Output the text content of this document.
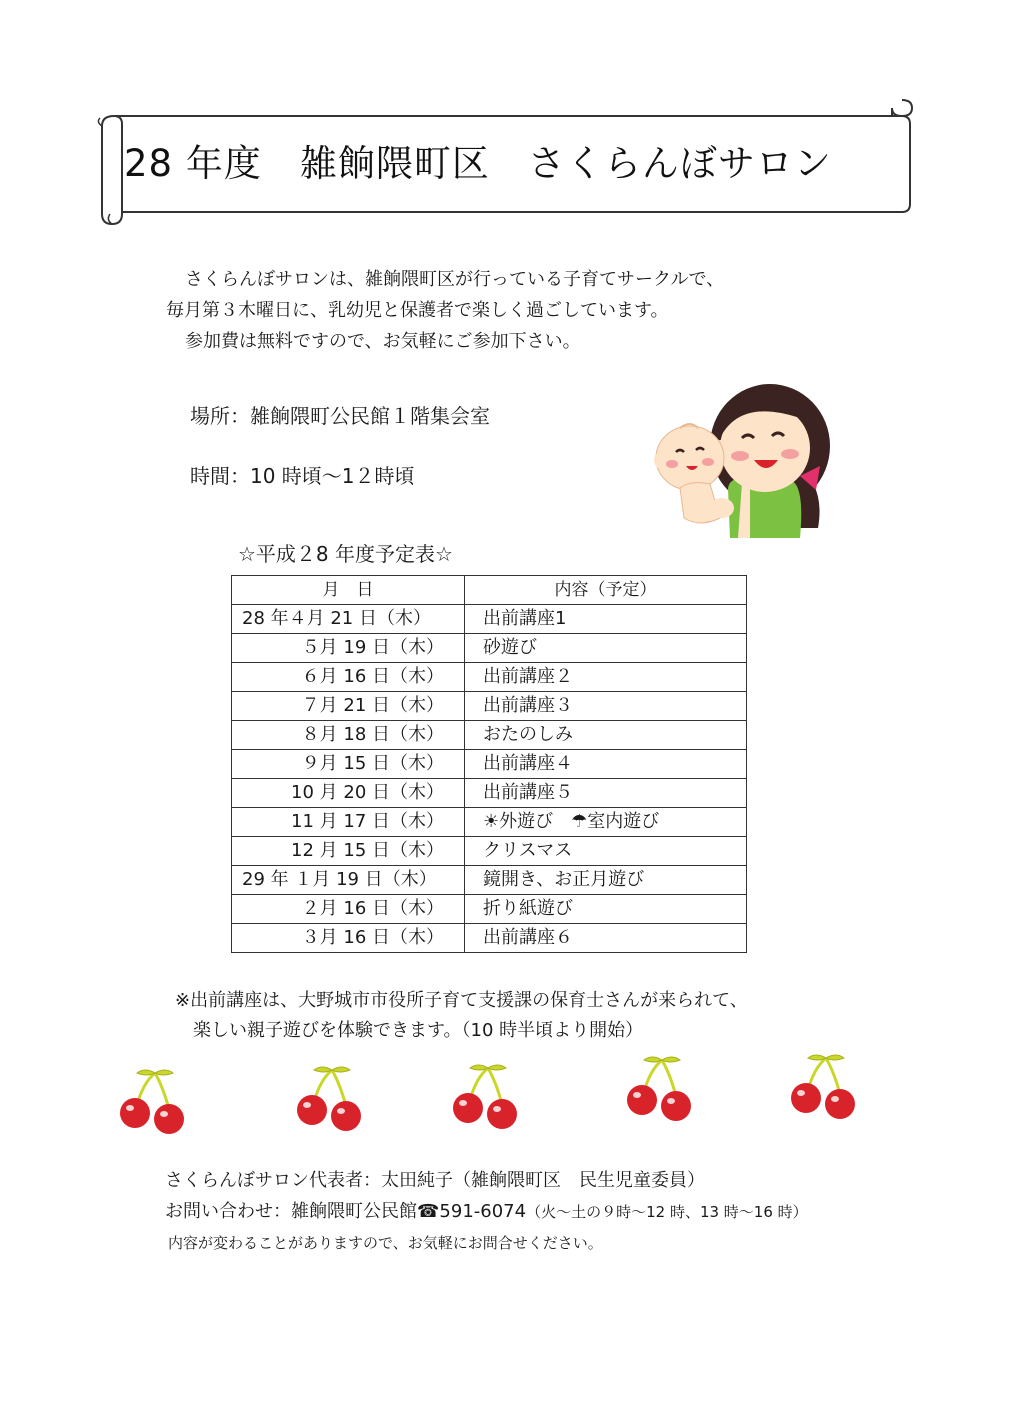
28 年度　雑餉隈町区　さくらんぼサロン
さくらんぼサロンは、雑餉隈町区が行っている子育てサークルで、
毎月第３木曜日に、乳幼児と保護者で楽しく過ごしています。
参加費は無料ですので、お気軽にご参加下さい。
場所：雑餉隈町公民館１階集会室
時間：10 時頃～1２時頃
☆平成２8 年度予定表☆
月　日	内容（予定）
28 年４月 21 日（木）	出前講座1
５月 19 日（木）	砂遊び
６月 16 日（木）	出前講座２
７月 21 日（木）	出前講座３
８月 18 日（木）	おたのしみ
９月 15 日（木）	出前講座４
10 月 20 日（木）	出前講座５
11 月 17 日（木）	☀外遊び　☂室内遊び
12 月 15 日（木）	クリスマス
29 年 １月 19 日（木）	鏡開き、お正月遊び
２月 16 日（木）	折り紙遊び
３月 16 日（木）	出前講座６
※出前講座は、大野城市市役所子育て支援課の保育士さんが来られて、
楽しい親子遊びを体験できます。（10 時半頃より開始）
さくらんぼサロン代表者：太田純子（雑餉隈町区　民生児童委員）
お問い合わせ：雑餉隈町公民館☎591-6074（火～土の９時～12 時、13 時～16 時）
内容が変わることがありますので、お気軽にお問合せください。
